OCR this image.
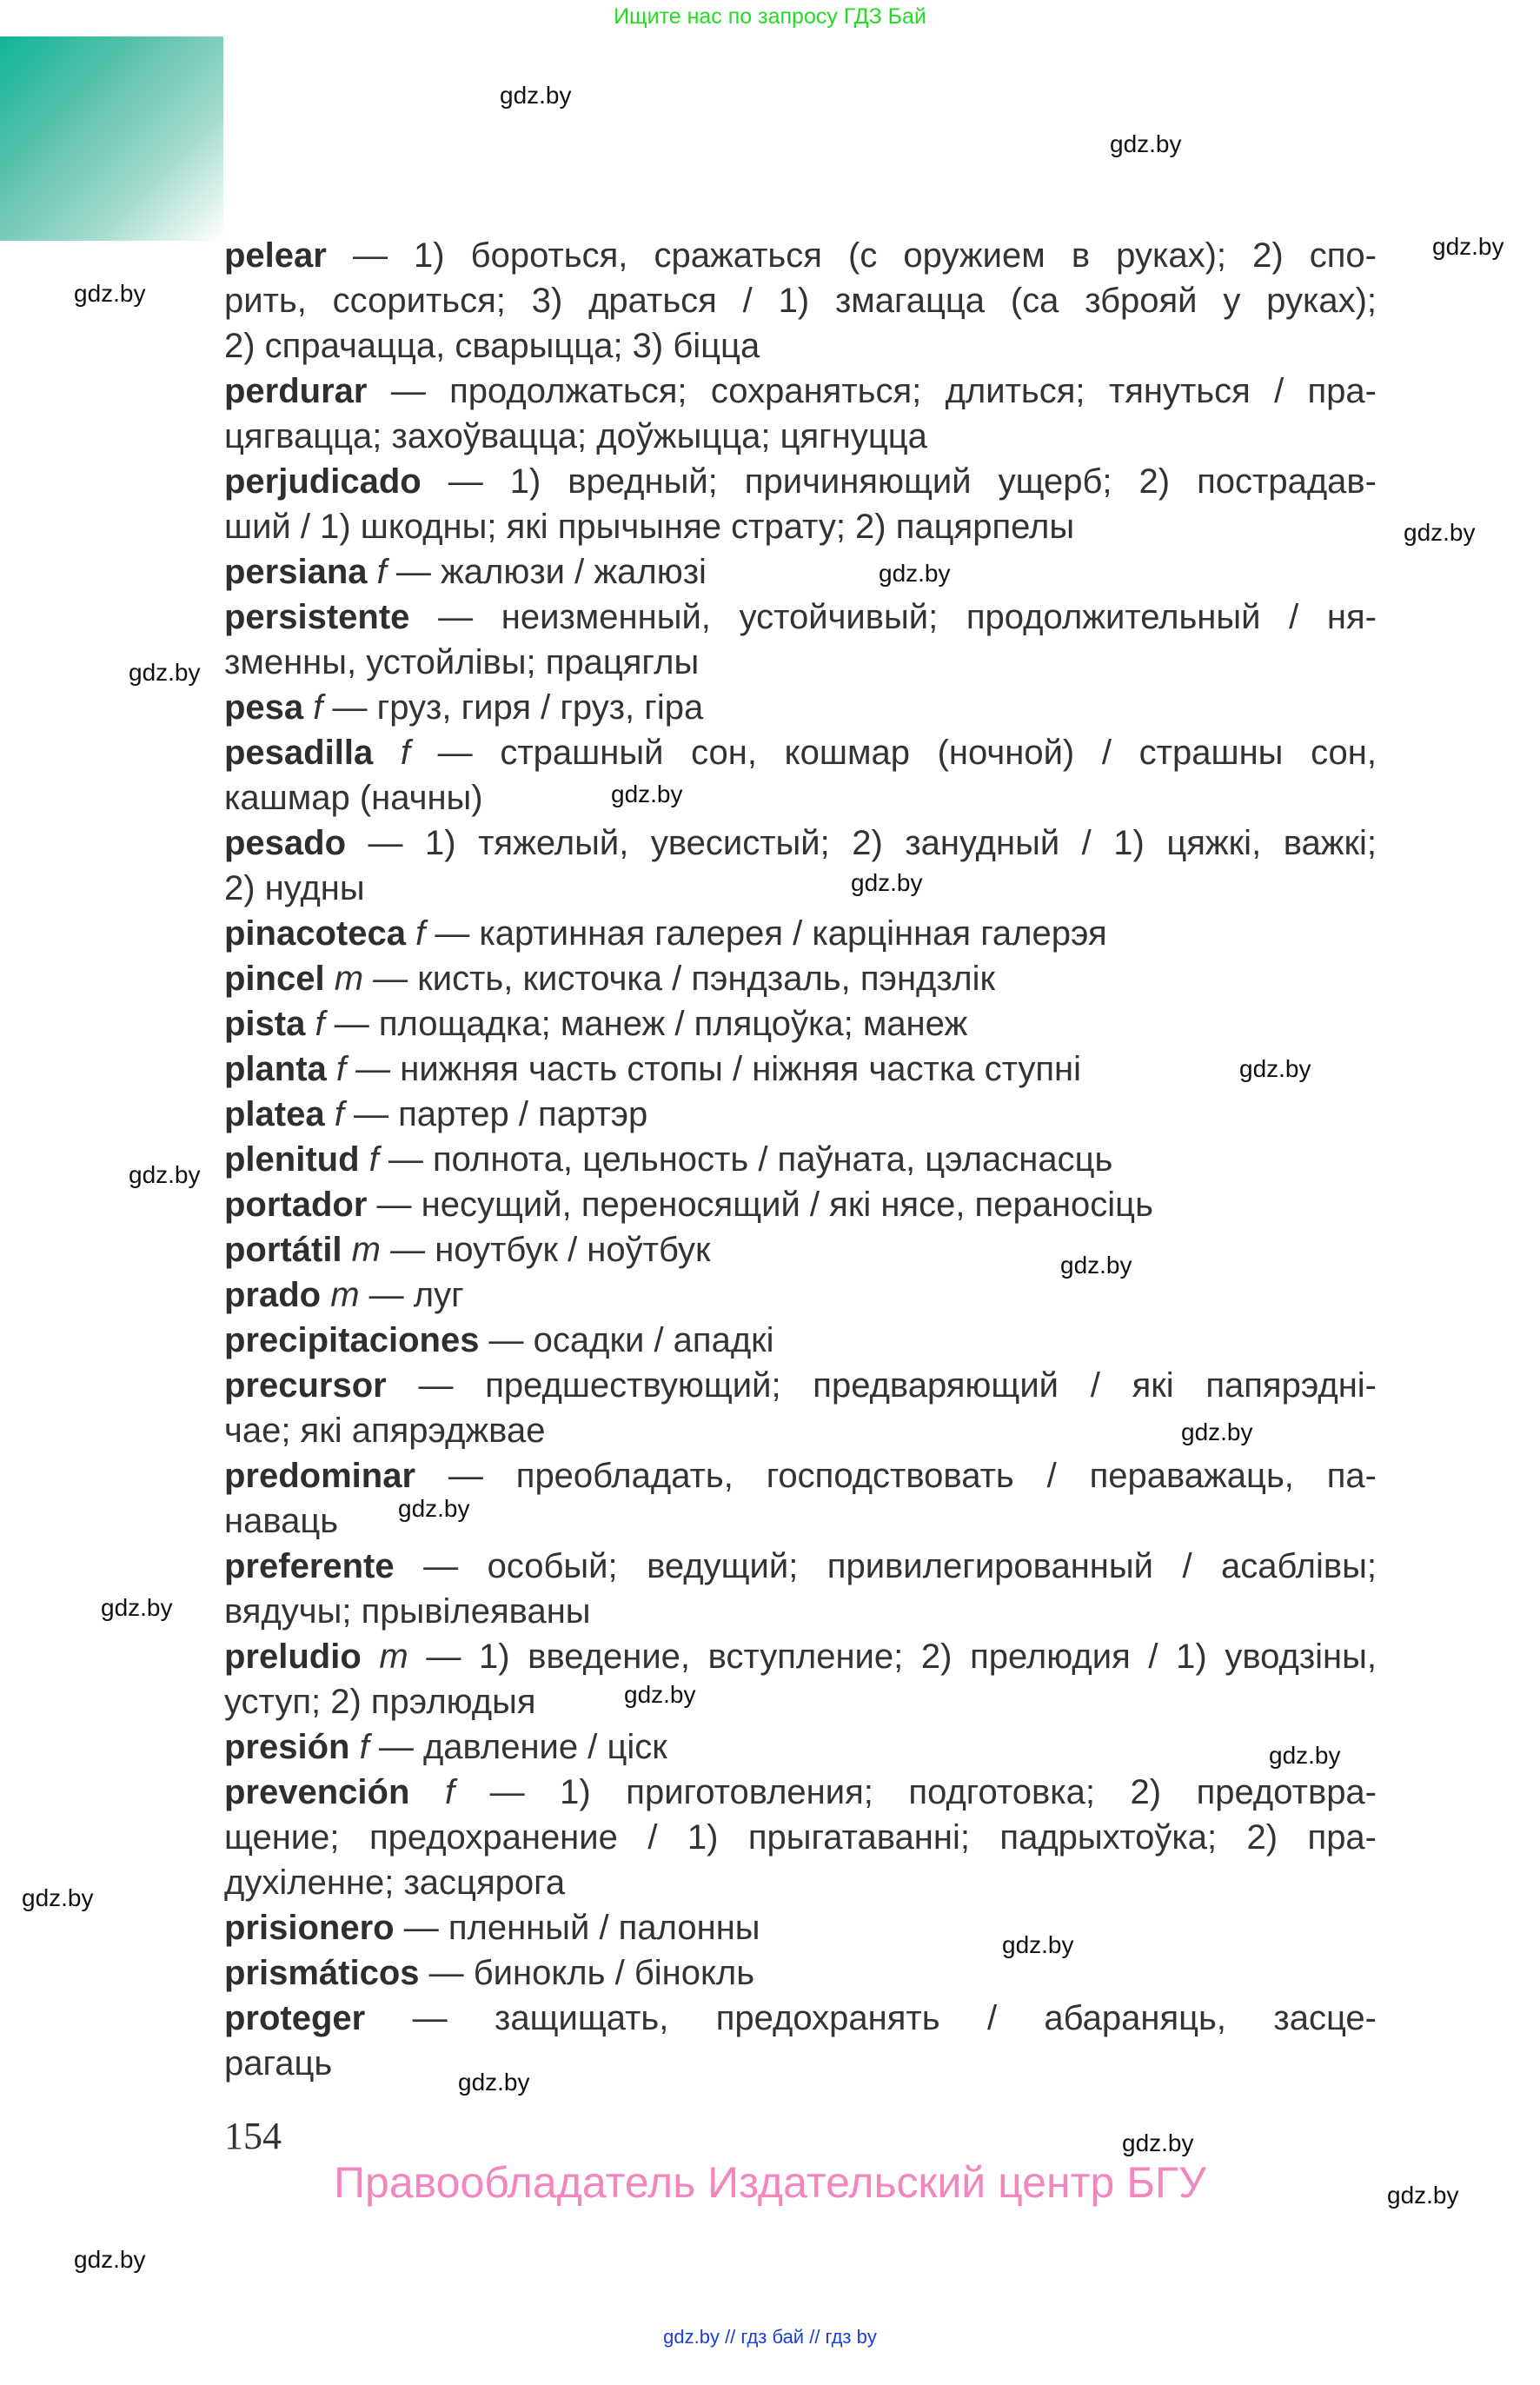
Ищите нас по запросу ГДЗ Бай
pelear — 1) бороться, сражаться (с оружием в руках); 2) спо-
рить, ссориться; 3) драться / 1) змагацца (са зброяй у руках);
2) спрачацца, сварыцца; 3) біцца
perdurar — продолжаться; сохраняться; длиться; тянуться / пра-
цягвацца; захоўвацца; доўжыцца; цягнуцца
perjudicado — 1) вредный; причиняющий ущерб; 2) пострадав-
ший / 1) шкодны; які прычыняе страту; 2) пацярпелы
persiana f — жалюзи / жалюзі
persistente — неизменный, устойчивый; продолжительный / ня-
зменны, устойлівы; працяглы
pesa f — груз, гиря / груз, гіра
pesadilla f — страшный сон, кошмар (ночной) / страшны сон,
кашмар (начны)
pesado — 1) тяжелый, увесистый; 2) занудный / 1) цяжкі, важкі;
2) нудны
pinacoteca f — картинная галерея / карцінная галерэя
pincel m — кисть, кисточка / пэндзаль, пэндзлік
pista f — площадка; манеж / пляцоўка; манеж
planta f — нижняя часть стопы / ніжняя частка ступні
platea f — партер / партэр
plenitud f — полнота, цельность / паўната, цэласнасць
portador — несущий, переносящий / які нясе, пераносіць
portátil m — ноутбук / ноўтбук
prado m — луг
precipitaciones — осадки / ападкі
precursor — предшествующий; предваряющий / які папярэдні-
чае; які апярэджвае
predominar — преобладать, господствовать / пераважаць, па-
наваць
preferente — особый; ведущий; привилегированный / асаблівы;
вядучы; прывілеяваны
preludio m — 1) введение, вступление; 2) прелюдия / 1) уводзіны,
уступ; 2) прэлюдыя
presión f — давление / ціск
prevención f — 1) приготовления; подготовка; 2) предотвра-
щение; предохранение / 1) прыгатаванні; падрыхтоўка; 2) пра-
духіленне; засцярога
prisionero — пленный / палонны
prismáticos — бинокль / бінокль
proteger — защищать, предохранять / абараняць, засце-
рагаць
gdz.by
gdz.by
gdz.by
gdz.by
gdz.by
gdz.by
gdz.by
gdz.by
gdz.by
gdz.by
gdz.by
gdz.by
gdz.by
gdz.by
gdz.by
gdz.by
gdz.by
gdz.by
gdz.by
gdz.by
gdz.by
gdz.by
gdz.by
154
Правообладатель Издательский центр БГУ
gdz.by // гдз бай // гдз by
